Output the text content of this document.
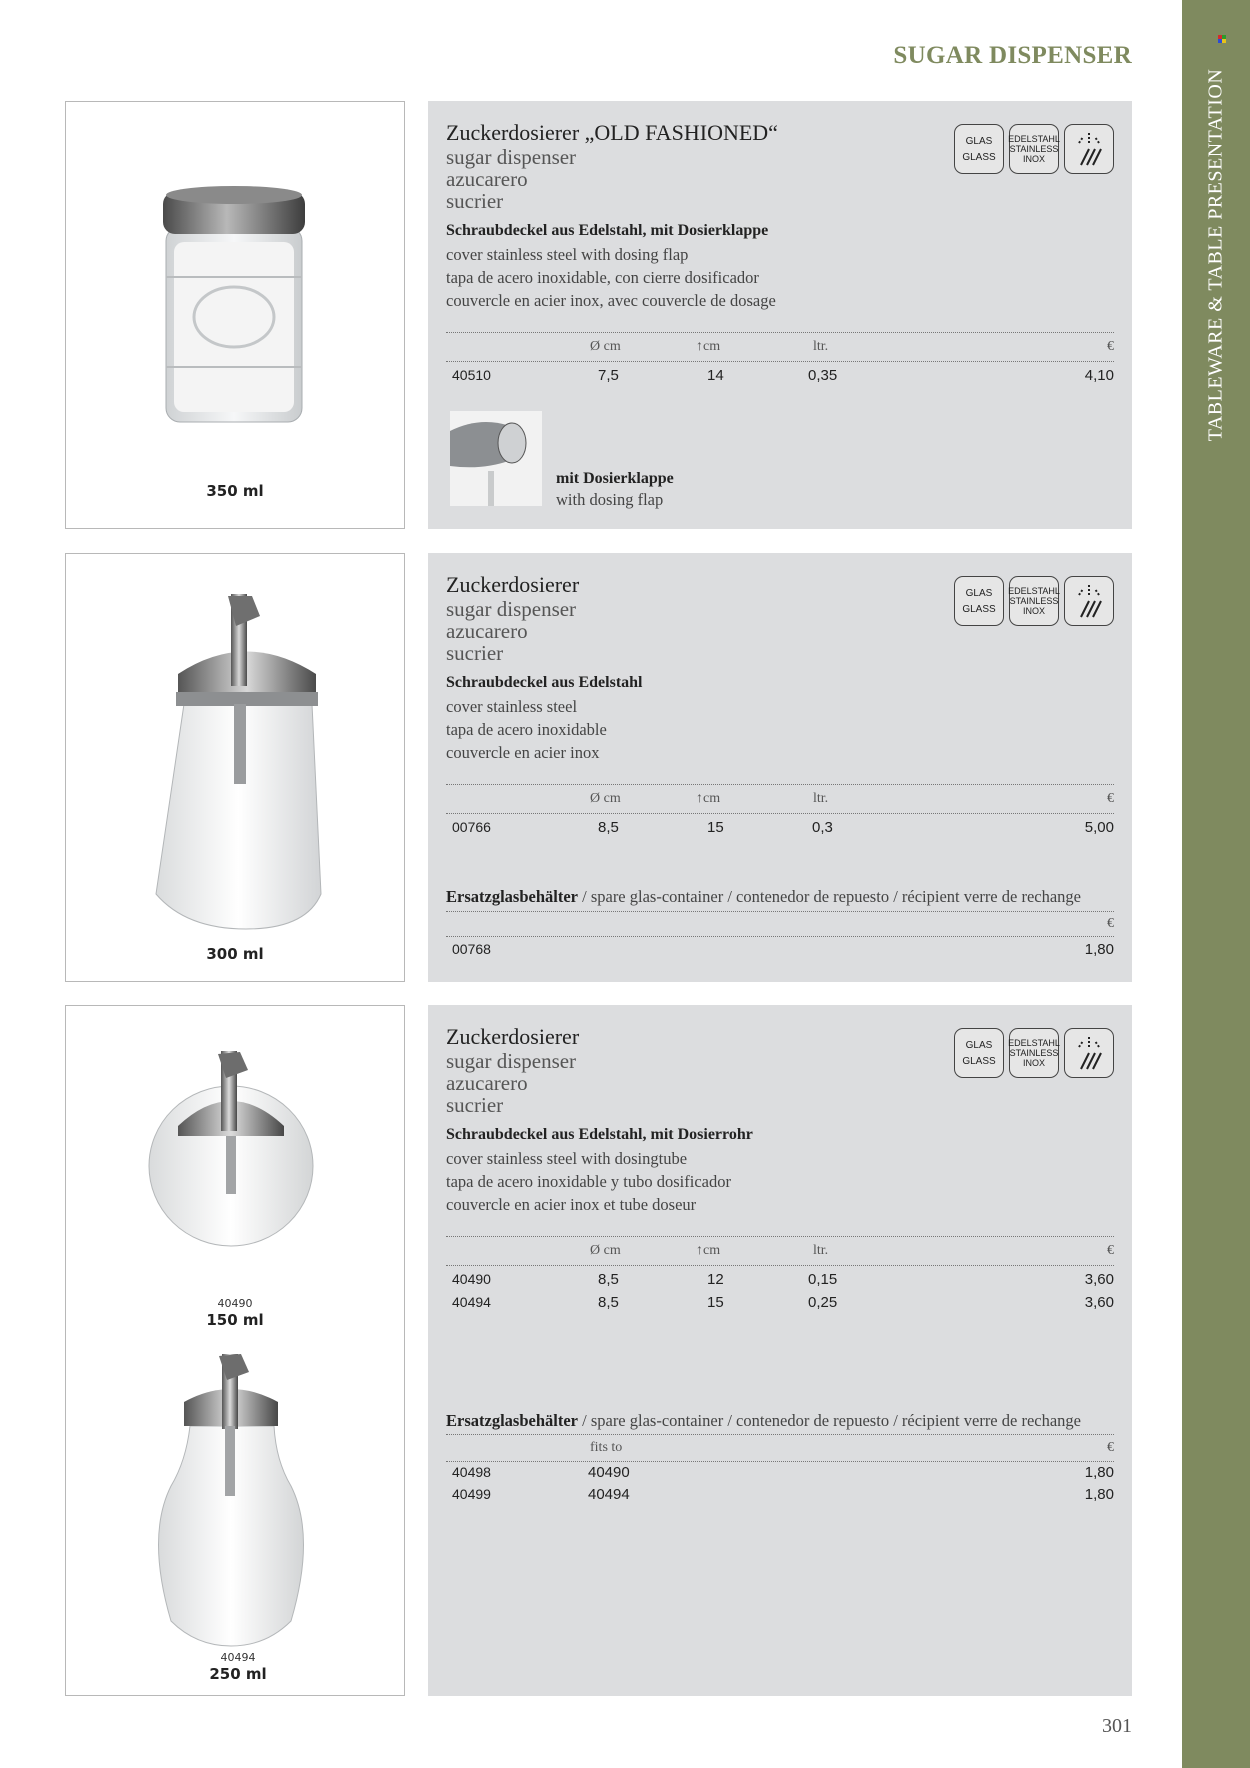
TABLEWARE & TABLE PRESENTATION
SUGAR DISPENSER
301
350 ml
Zuckerdosierer „OLD FASHIONED“
sugar dispenser
azucarero
sucrier
Schraubdeckel aus Edelstahl, mit Dosierklappe
cover stainless steel with dosing flap
tapa de acero inoxidable, con cierre dosificador
couvercle en acier inox, avec couvercle de dosage
GLAS
GLASS
EDELSTAHL
STAINLESS
INOX
Ø cm	↑cm	ltr.	€
40510	7,5	14	0,35	4,10
mit Dosierklappe
with dosing flap
300 ml
Zuckerdosierer
sugar dispenser
azucarero
sucrier
Schraubdeckel aus Edelstahl
cover stainless steel
tapa de acero inoxidable
couvercle en acier inox
GLAS
GLASS
EDELSTAHL
STAINLESS
INOX
Ø cm	↑cm	ltr.	€
00766	8,5	15	0,3	5,00
Ersatzglasbehälter / spare glas-container / contenedor de repuesto / récipient verre de rechange
€
00768	1,80
40490
150 ml
40494
250 ml
Zuckerdosierer
sugar dispenser
azucarero
sucrier
Schraubdeckel aus Edelstahl, mit Dosierrohr
cover stainless steel with dosingtube
tapa de acero inoxidable y tubo dosificador
couvercle en acier inox et tube doseur
GLAS
GLASS
EDELSTAHL
STAINLESS
INOX
Ø cm	↑cm	ltr.	€
40490	8,5	12	0,15	3,60
40494	8,5	15	0,25	3,60
Ersatzglasbehälter / spare glas-container / contenedor de repuesto / récipient verre de rechange
fits to	€
40498	40490	1,80
40499	40494	1,80
